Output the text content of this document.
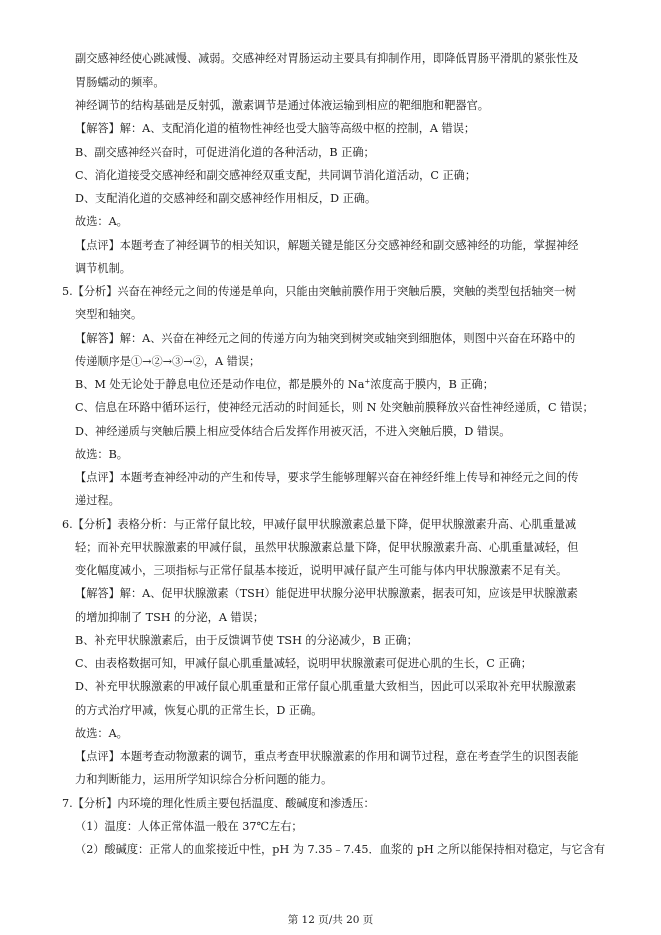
副交感神经使心跳减慢、减弱。交感神经对胃肠运动主要具有抑制作用，即降低胃肠平滑肌的紧张性及
胃肠蠕动的频率。
神经调节的结构基础是反射弧，激素调节是通过体液运输到相应的靶细胞和靶器官。
【解答】解：A、支配消化道的植物性神经也受大脑等高级中枢的控制，A 错误；
B、副交感神经兴奋时，可促进消化道的各种活动，B 正确；
C、消化道接受交感神经和副交感神经双重支配，共同调节消化道活动，C 正确；
D、支配消化道的交感神经和副交感神经作用相反，D 正确。
故选：A。
【点评】本题考查了神经调节的相关知识，解题关键是能区分交感神经和副交感神经的功能，掌握神经
调节机制。
5.【分析】兴奋在神经元之间的传递是单向，只能由突触前膜作用于突触后膜，突触的类型包括轴突一树
突型和轴突。
【解答】解：A、兴奋在神经元之间的传递方向为轴突到树突或轴突到细胞体，则图中兴奋在环路中的
传递顺序是①→②→③→②，A 错误；
B、M 处无论处于静息电位还是动作电位，都是膜外的 Na+浓度高于膜内，B 正确；
C、信息在环路中循环运行，使神经元活动的时间延长，则 N 处突触前膜释放兴奋性神经递质，C 错误；
D、神经递质与突触后膜上相应受体结合后发挥作用被灭活，不进入突触后膜，D 错误。
故选：B。
【点评】本题考查神经冲动的产生和传导，要求学生能够理解兴奋在神经纤维上传导和神经元之间的传
递过程。
6.【分析】表格分析：与正常仔鼠比较，甲减仔鼠甲状腺激素总量下降，促甲状腺激素升高、心肌重量减
轻；而补充甲状腺激素的甲减仔鼠，虽然甲状腺激素总量下降，促甲状腺激素升高、心肌重量减轻，但
变化幅度减小，三项指标与正常仔鼠基本接近，说明甲减仔鼠产生可能与体内甲状腺激素不足有关。
【解答】解：A、促甲状腺激素（TSH）能促进甲状腺分泌甲状腺激素，据表可知，应该是甲状腺激素
的增加抑制了 TSH 的分泌，A 错误；
B、补充甲状腺激素后，由于反馈调节使 TSH 的分泌减少，B 正确；
C、由表格数据可知，甲减仔鼠心肌重量减轻，说明甲状腺激素可促进心肌的生长，C 正确；
D、补充甲状腺激素的甲减仔鼠心肌重量和正常仔鼠心肌重量大致相当，因此可以采取补充甲状腺激素
的方式治疗甲减，恢复心肌的正常生长，D 正确。
故选：A。
【点评】本题考查动物激素的调节，重点考查甲状腺激素的作用和调节过程，意在考查学生的识图表能
力和判断能力，运用所学知识综合分析问题的能力。
7.【分析】内环境的理化性质主要包括温度、酸碱度和渗透压：
（1）温度：人体正常体温一般在 37℃左右；
（2）酸碱度：正常人的血浆接近中性，pH 为 7.35﹣7.45．血浆的 pH 之所以能保持相对稳定，与它含有
第 12 页/共 20 页
